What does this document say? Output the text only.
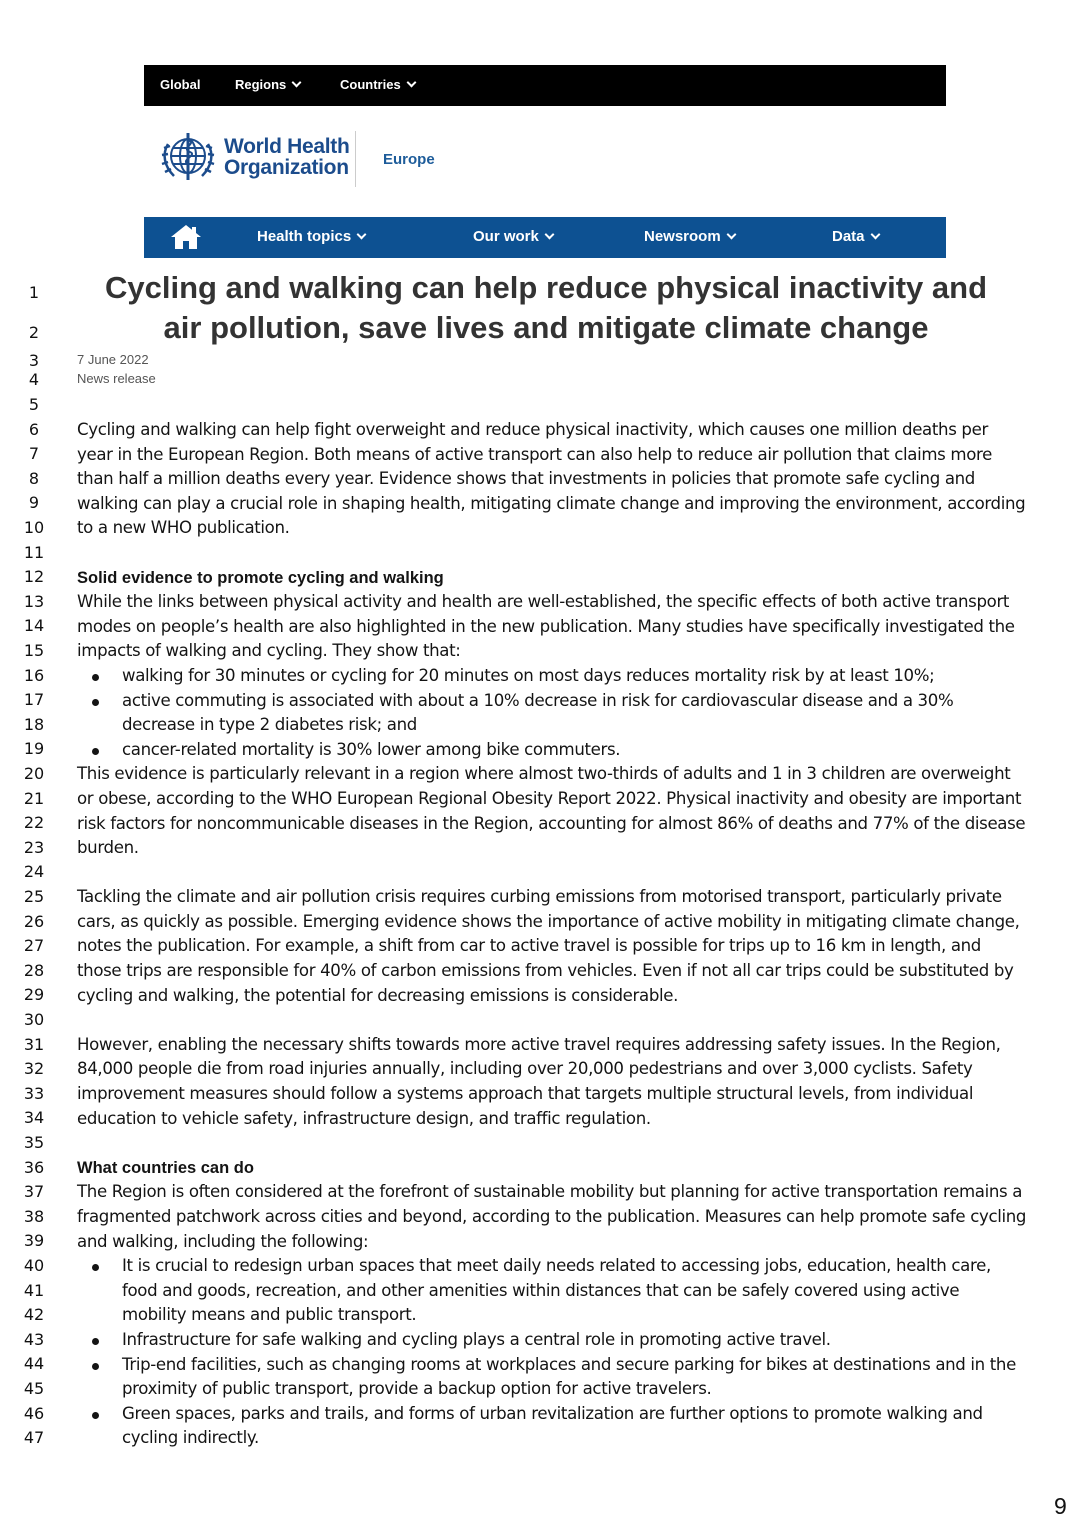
Global	Regions	Countries
World Health
Organization Europe
Health topics	Our work	Newsroom	Data
1
2
3
4
5
6
7
8
9
10
11
12
13
14
15
16
17
18
19
20
21
22
23
24
25
26
27
28
29
30
31
32
33
34
35
36
37
38
39
40
41
42
43
44
45
46
47
Cycling and walking can help reduce physical inactivity and
air pollution, save lives and mitigate climate change
7 June 2022
News release

Cycling and walking can help fight overweight and reduce physical inactivity, which causes one million deaths per year in the European Region. Both means of active transport can also help to reduce air pollution that claims more than half a million deaths every year. Evidence shows that investments in policies that promote safe cycling and walking can play a crucial role in shaping health, mitigating climate change and improving the environment, according to a new WHO publication.

Solid evidence to promote cycling and walking

While the links between physical activity and health are well-established, the specific effects of both active transport modes on people’s health are also highlighted in the new publication. Many studies have specifically investigated the impacts of walking and cycling. They show that:

walking for 30 minutes or cycling for 20 minutes on most days reduces mortality risk by at least 10%;
active commuting is associated with about a 10% decrease in risk for cardiovascular disease and a 30% decrease in type 2 diabetes risk; and
cancer-related mortality is 30% lower among bike commuters.

This evidence is particularly relevant in a region where almost two-thirds of adults and 1 in 3 children are overweight or obese, according to the WHO European Regional Obesity Report 2022. Physical inactivity and obesity are important risk factors for noncommunicable diseases in the Region, accounting for almost 86% of deaths and 77% of the disease burden.

Tackling the climate and air pollution crisis requires curbing emissions from motorised transport, particularly private cars, as quickly as possible. Emerging evidence shows the importance of active mobility in mitigating climate change, notes the publication. For example, a shift from car to active travel is possible for trips up to 16 km in length, and those trips are responsible for 40% of carbon emissions from vehicles. Even if not all car trips could be substituted by cycling and walking, the potential for decreasing emissions is considerable.

However, enabling the necessary shifts towards more active travel requires addressing safety issues. In the Region, 84,000 people die from road injuries annually, including over 20,000 pedestrians and over 3,000 cyclists. Safety improvement measures should follow a systems approach that targets multiple structural levels, from individual education to vehicle safety, infrastructure design, and traffic regulation.

What countries can do

The Region is often considered at the forefront of sustainable mobility but planning for active transportation remains a fragmented patchwork across cities and beyond, according to the publication. Measures can help promote safe cycling and walking, including the following:

It is crucial to redesign urban spaces that meet daily needs related to accessing jobs, education, health care, food and goods, recreation, and other amenities within distances that can be safely covered using active mobility means and public transport.
Infrastructure for safe walking and cycling plays a central role in promoting active travel.
Trip-end facilities, such as changing rooms at workplaces and secure parking for bikes at destinations and in the proximity of public transport, provide a backup option for active travelers.
Green spaces, parks and trails, and forms of urban revitalization are further options to promote walking and cycling indirectly.
9
